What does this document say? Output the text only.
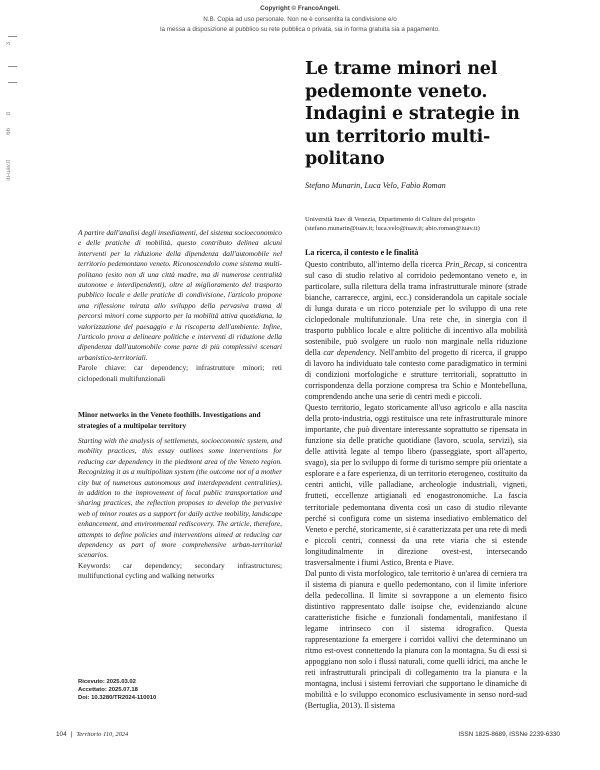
3
d
66
in-uav.it
Copyright © FrancoAngeli.
N.B. Copia ad uso personale. Non ne è consentita la condivisione e/o
la messa a disposizione al pubblico su rete pubblica o privata, sia in forma gratuita sia a pagamento.

A partire dall'analisi degli insediamenti, del sistema socioeconomico e delle pratiche di mobilità, questo contributo delinea alcuni interventi per la riduzione della dipendenza dall'automobile nel territorio pedemontano veneto. Riconoscendolo come sistema multi-politano (esito non di una città madre, ma di numerose centralità autonome e interdipendenti), oltre al miglioramento del trasporto pubblico locale e delle pratiche di condivisione, l'articolo propone una riflessione mirata allo sviluppo della pervasiva trama di percorsi minori come supporto per la mobilità attiva quotidiana, la valorizzazione del paesaggio e la riscoperta dell'ambiente. Infine, l'articolo prova a delineare politiche e interventi di riduzione della dipendenza dall'automobile come parte di più complessivi scenari urbanistico-territoriali.

Parole chiave: car dependency; infrastrutture minori; reti ciclopedonali multifunzionali

Minor networks in the Veneto foothills. Investigations and strategies of a multipolar territory

Starting with the analysis of settlements, socioeconomic system, and mobility practices, this essay outlines some interventions for reducing car dependency in the piedmont area of the Veneto region. Recognizing it as a multipolitan system (the outcome not of a mother city but of numerous autonomous and interdependent centralities), in addition to the improvement of local public transportation and sharing practices, the reflection proposes to develop the pervasive web of minor routes as a support for daily active mobility, landscape enhancement, and environmental rediscovery. The article, therefore, attempts to define policies and interventions aimed at reducing car dependency as part of more comprehensive urban-territorial scenarios.

Keywords: car dependency; secondary infrastructures; multifunctional cycling and walking networks

Ricevuto: 2025.03.02
Accettato: 2025.07.18
Doi: 10.3280/TR2024-110010
Le trame minori nel pedemonte veneto. Indagini e strategie in un territorio multi-politano

Stefano Munarin, Luca Velo, Fabio Roman

Università Iuav di Venezia, Dipartimento di Culture del progetto
(stefano.munarin@iuav.it; luca.velo@iuav.it; abio.roman@iuav.it)

La ricerca, il contesto e le finalità

Questo contributo, all'interno della ricerca Prin_Recap, si concentra sul caso di studio relativo al corridoio pedemontano veneto e, in particolare, sulla rilettura della trama infrastrutturale minore (strade bianche, carrarecce, argini, ecc.) considerandola un capitale sociale di lunga durata e un ricco potenziale per lo sviluppo di una rete ciclopedonale multifunzionale. Una rete che, in sinergia con il trasporto pubblico locale e altre politiche di incentivo alla mobilità sostenibile, può svolgere un ruolo non marginale nella riduzione della car dependency. Nell'ambito del progetto di ricerca, il gruppo di lavoro ha individuato tale contesto come paradigmatico in termini di condizioni morfologiche e strutture territoriali, soprattutto in corrispondenza della porzione compresa tra Schio e Montebelluna, comprendendo anche una serie di centri medi e piccoli.

Questo territorio, legato storicamente all'uso agricolo e alla nascita della proto-industria, oggi restituisce una rete infrastrutturale minore importante, che può diventare interessante soprattutto se ripensata in funzione sia delle pratiche quotidiane (lavoro, scuola, servizi), sia delle attività legate al tempo libero (passeggiate, sport all'aperto, svago), sia per lo sviluppo di forme di turismo sempre più orientate a esplorare e a fare esperienza, di un territorio eterogeneo, costituito da centri antichi, ville palladiane, archeologie industriali, vigneti, frutteti, eccellenze artigianali ed enogastronomiche. La fascia territoriale pedemontana diventa così un caso di studio rilevante perché si configura come un sistema insediativo emblematico del Veneto e perché, storicamente, si è caratterizzata per una rete di medi e piccoli centri, connessi da una rete viaria che si estende longitudinalmente in direzione ovest-est, intersecando trasversalmente i fiumi Astico, Brenta e Piave.

Dal punto di vista morfologico, tale territorio è un'area di cerniera tra il sistema di pianura e quello pedemontano, con il limite inferiore della pedecollina. Il limite si sovrappone a un elemento fisico distintivo rappresentato dalle isoipse che, evidenziando alcune caratteristiche fisiche e funzionali fondamentali, manifestano il legame intrinseco con il sistema idrografico. Questa rappresentazione fa emergere i corridoi vallivi che determinano un ritmo est-ovest connettendo la pianura con la montagna. Su di essi si appoggiano non solo i flussi naturali, come quelli idrici, ma anche le reti infrastrutturali principali di collegamento tra la pianura e la montagna, inclusi i sistemi ferroviari che supportano le dinamiche di mobilità e lo sviluppo economico esclusivamente in senso nord-sud (Bertuglia, 2013). Il sistema

104 | Territorio 110, 2024	ISSN 1825-8689, ISSNe 2239-6330
